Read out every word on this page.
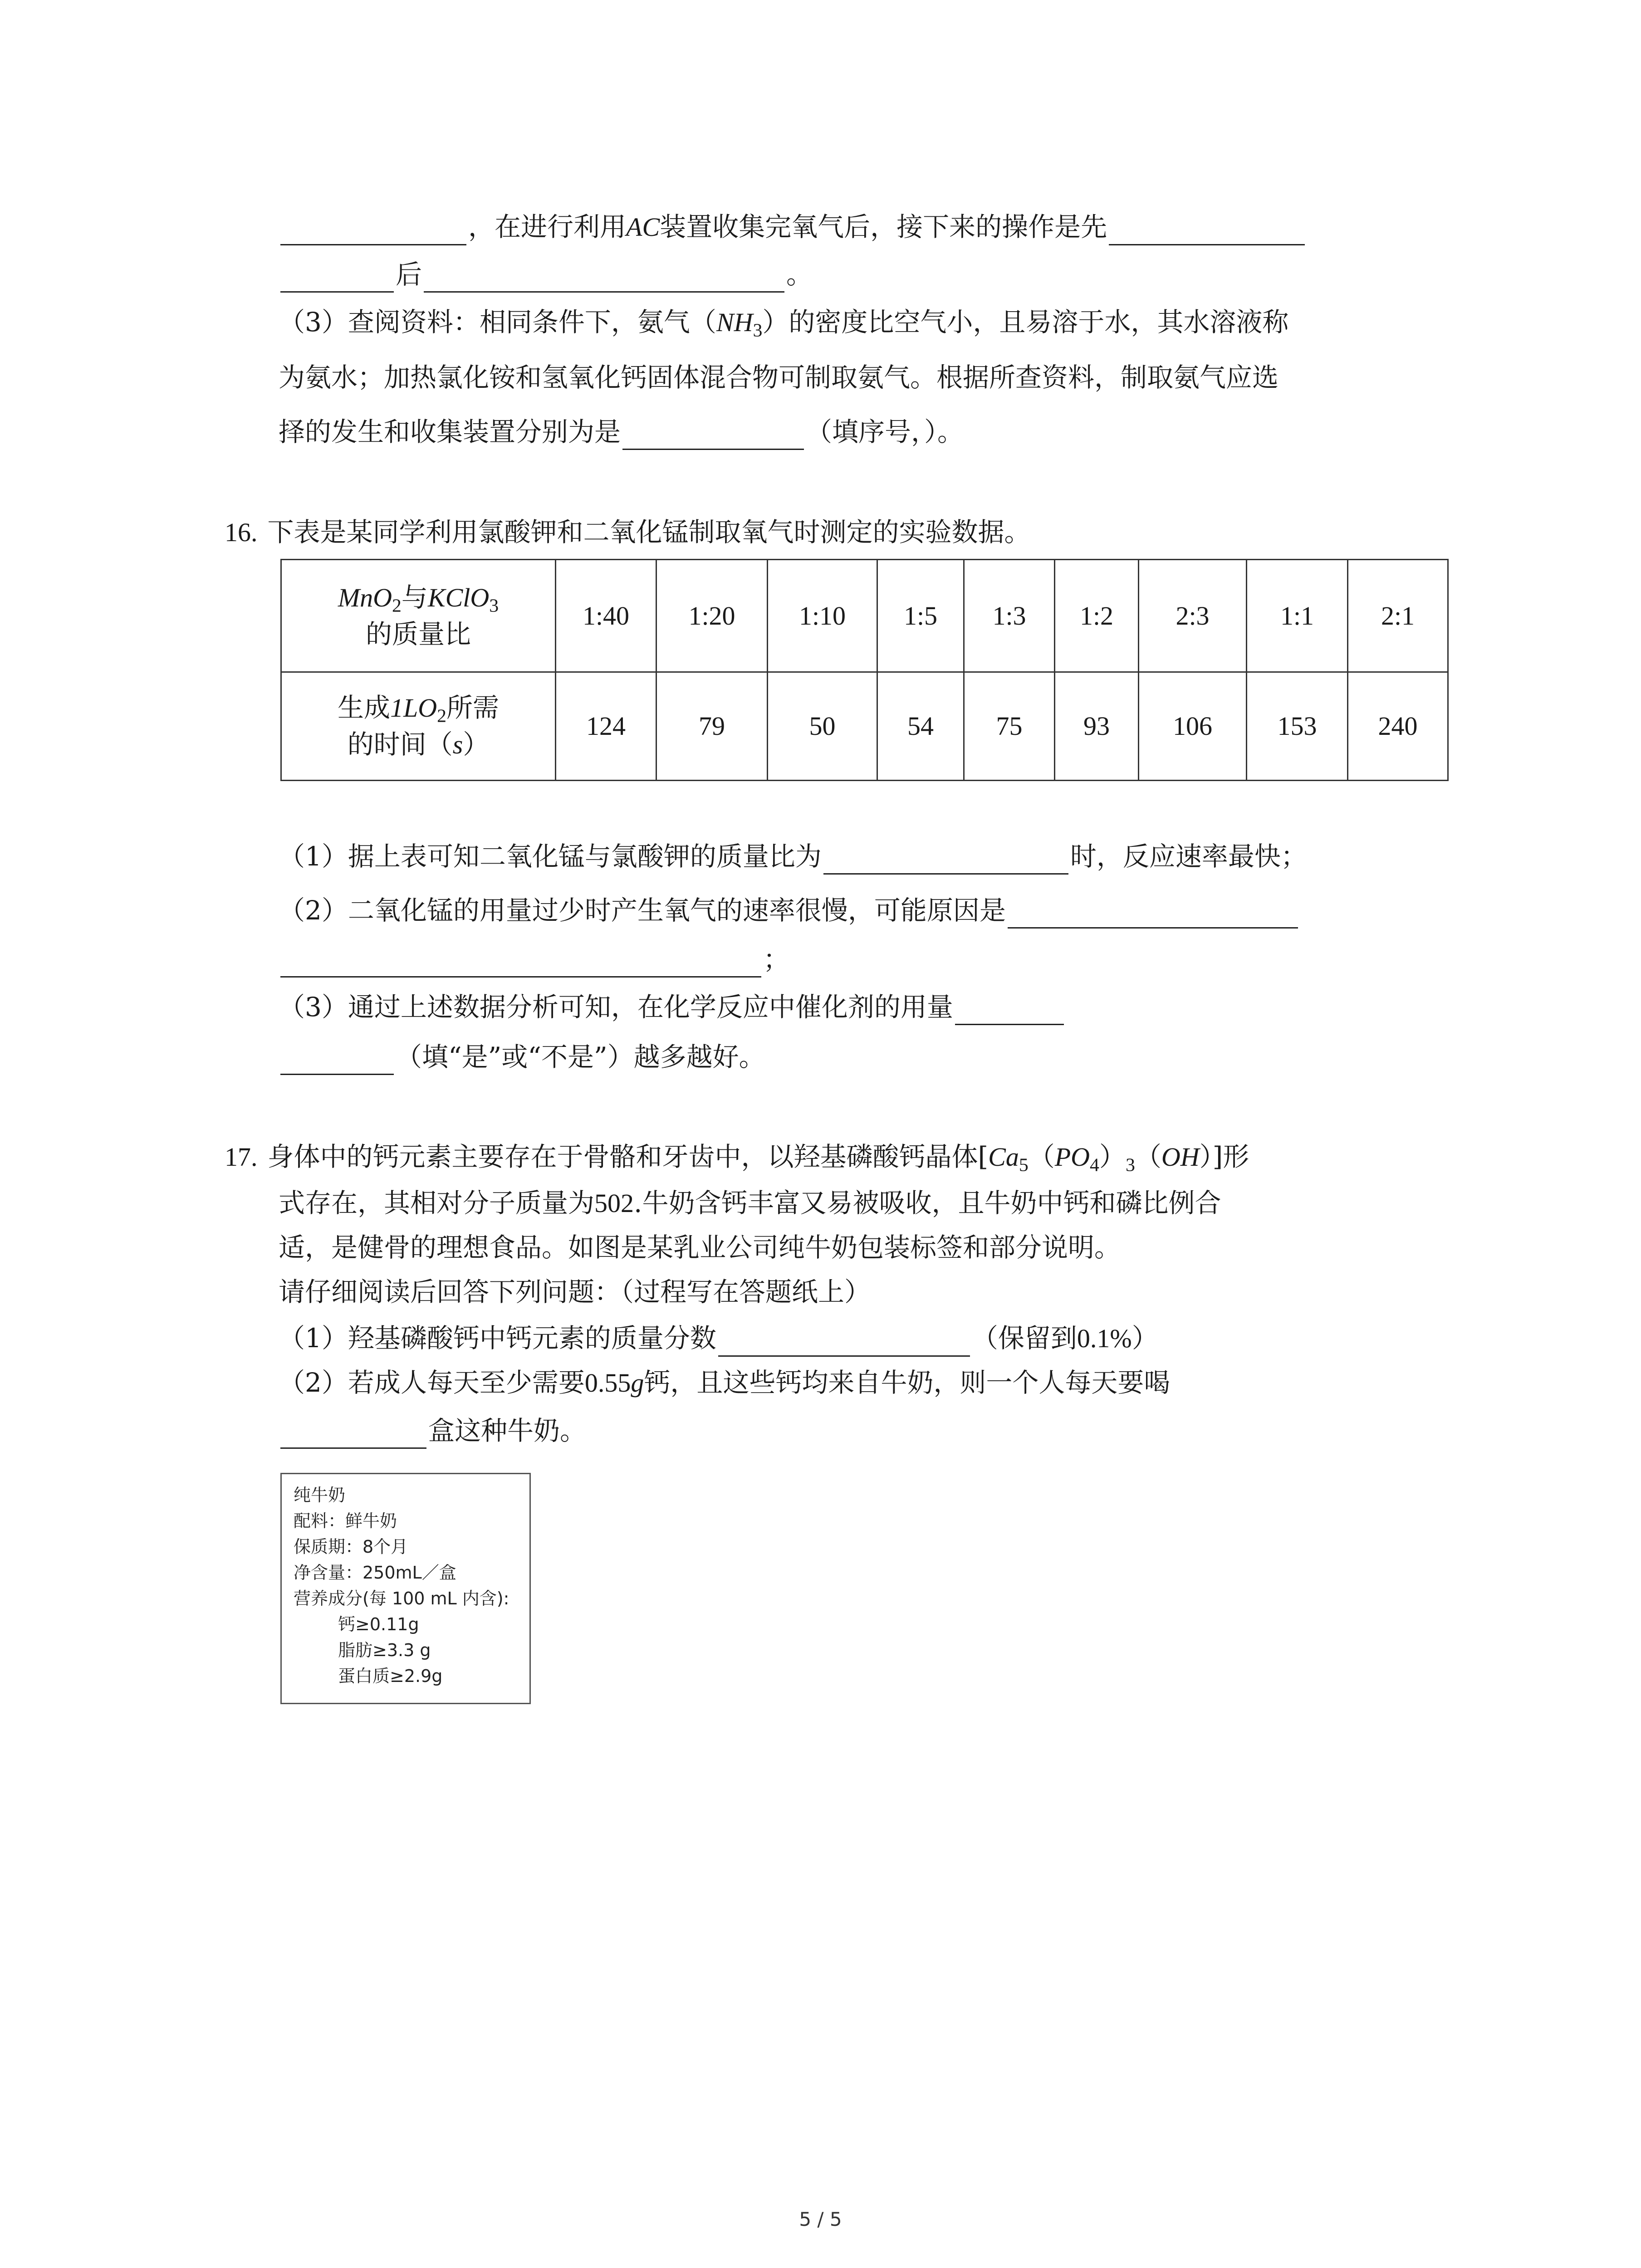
，在进行利用AC装置收集完氧气后，接下来的操作是先
后	。
（3）查阅资料：相同条件下，氨气$(NH_3)$的密度比空气小，且易溶于水，其水溶液称
为氨水；加热氯化铵和氢氧化钙固体混合物可制取氨气。根据所查资料，制取氨气应选
择的发生和收集装置分别为是	（填序号，）。
16. 下表是某同学利用氯酸钾和二氧化锰制取氧气时测定的实验数据。
MnO$_2$与KClO$_3$
的质量比	1:40	1:20	1:10	1:5	1:3	1:2	2:3	1:1	2:1

生成$1LO_2$所需
的时间（s）	124	79	50	54	75	93	106	153	240
（1）据上表可知二氧化锰与氯酸钾的质量比为	时，反应速率最快；
（2）二氧化锰的用量过少时产生氧气的速率很慢，可能原因是
；
（3）通过上述数据分析可知，在化学反应中催化剂的用量
（填“是”或“不是”）越多越好。
17. 身体中的钙元素主要存在于骨骼和牙齿中，以羟基磷酸钙晶体$[Ca_5(PO_4)_3(OH)]$形
式存在，其相对分子质量为502.牛奶含钙丰富又易被吸收，且牛奶中钙和磷比例合
适，是健骨的理想食品。如图是某乳业公司纯牛奶包装标签和部分说明。
请仔细阅读后回答下列问题：（过程写在答题纸上）
（1）羟基磷酸钙中钙元素的质量分数	（保留到0.1%）
（2）若成人每天至少需要0.55g钙，且这些钙均来自牛奶，则一个人每天要喝
盒这种牛奶。
纯牛奶
配料：鲜牛奶
保质期：8个月
净含量：250mL／盒
营养成分(每 100 mL 内含):
钙≥0.11g
脂肪≥3.3 g
蛋白质≥2.9g
5 / 5
